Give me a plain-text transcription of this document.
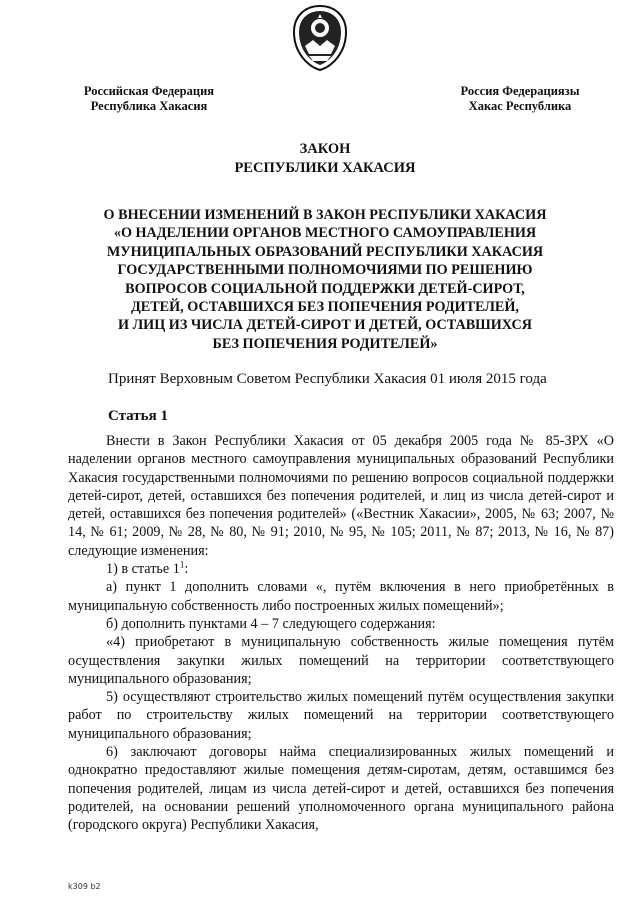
Российская Федерация
Республика Хакасия
Россия Федерациязы
Хакас Республика
ЗАКОН
РЕСПУБЛИКИ ХАКАСИЯ
О ВНЕСЕНИИ ИЗМЕНЕНИЙ В ЗАКОН РЕСПУБЛИКИ ХАКАСИЯ
«О НАДЕЛЕНИИ ОРГАНОВ МЕСТНОГО САМОУПРАВЛЕНИЯ
МУНИЦИПАЛЬНЫХ ОБРАЗОВАНИЙ РЕСПУБЛИКИ ХАКАСИЯ
ГОСУДАРСТВЕННЫМИ ПОЛНОМОЧИЯМИ ПО РЕШЕНИЮ
ВОПРОСОВ СОЦИАЛЬНОЙ ПОДДЕРЖКИ ДЕТЕЙ-СИРОТ,
ДЕТЕЙ, ОСТАВШИХСЯ БЕЗ ПОПЕЧЕНИЯ РОДИТЕЛЕЙ,
И ЛИЦ ИЗ ЧИСЛА ДЕТЕЙ-СИРОТ И ДЕТЕЙ, ОСТАВШИХСЯ
БЕЗ ПОПЕЧЕНИЯ РОДИТЕЛЕЙ»
Принят Верховным Советом Республики Хакасия 01 июля 2015 года
Статья 1

Внести в Закон Республики Хакасия от 05 декабря 2005 года № 85-ЗРХ «О наделении органов местного самоуправления муниципальных образований Республики Хакасия государственными полномочиями по решению вопросов социальной поддержки детей-сирот, детей, оставшихся без попечения родителей, и лиц из числа детей-сирот и детей, оставшихся без попечения родителей» («Вестник Хакасии», 2005, № 63; 2007, № 14, № 61; 2009, № 28, № 80, № 91; 2010, № 95, № 105; 2011, № 87; 2013, № 16, № 87) следующие изменения:

1) в статье $1^1$:

а) пункт 1 дополнить словами «, путём включения в него приобретённых в муниципальную собственность либо построенных жилых помещений»;

б) дополнить пунктами 4 – 7 следующего содержания:

«4) приобретают в муниципальную собственность жилые помещения путём осуществления закупки жилых помещений на территории соответствующего муниципального образования;

5) осуществляют строительство жилых помещений путём осуществления закупки работ по строительству жилых помещений на территории соответствующего муниципального образования;

6) заключают договоры найма специализированных жилых помещений и однократно предоставляют жилые помещения детям-сиротам, детям, оставшимся без попечения родителей, лицам из числа детей-сирот и детей, оставшихся без попечения родителей, на основании решений уполномоченного органа муниципального района (городского округа) Республики Хакасия,

k309 b2
